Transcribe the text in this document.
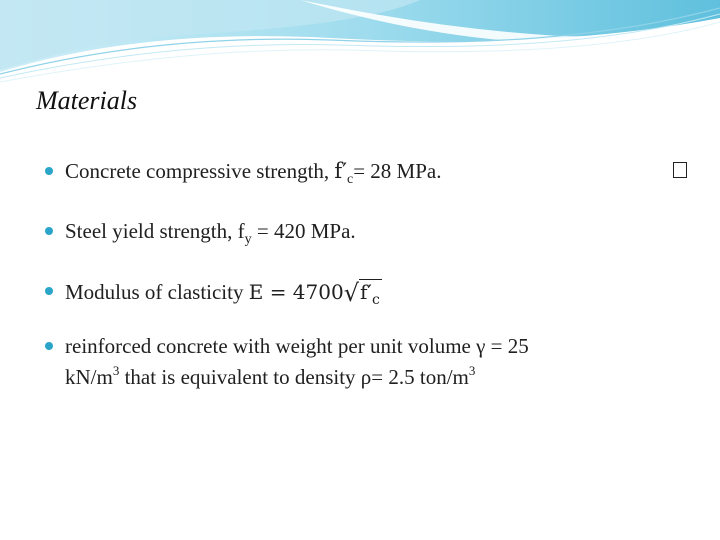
Materials
Concrete compressive strength, $f'_c= 28$ MPa.
Steel yield strength, $f_y = 420$ MPa.
Modulus of clasticity $E = 4700√f'_c$
reinforced concrete with weight per unit volume γ = 25
$kN/m^3$ that is equivalent to density ρ= 2.5 ton/$m^3$
